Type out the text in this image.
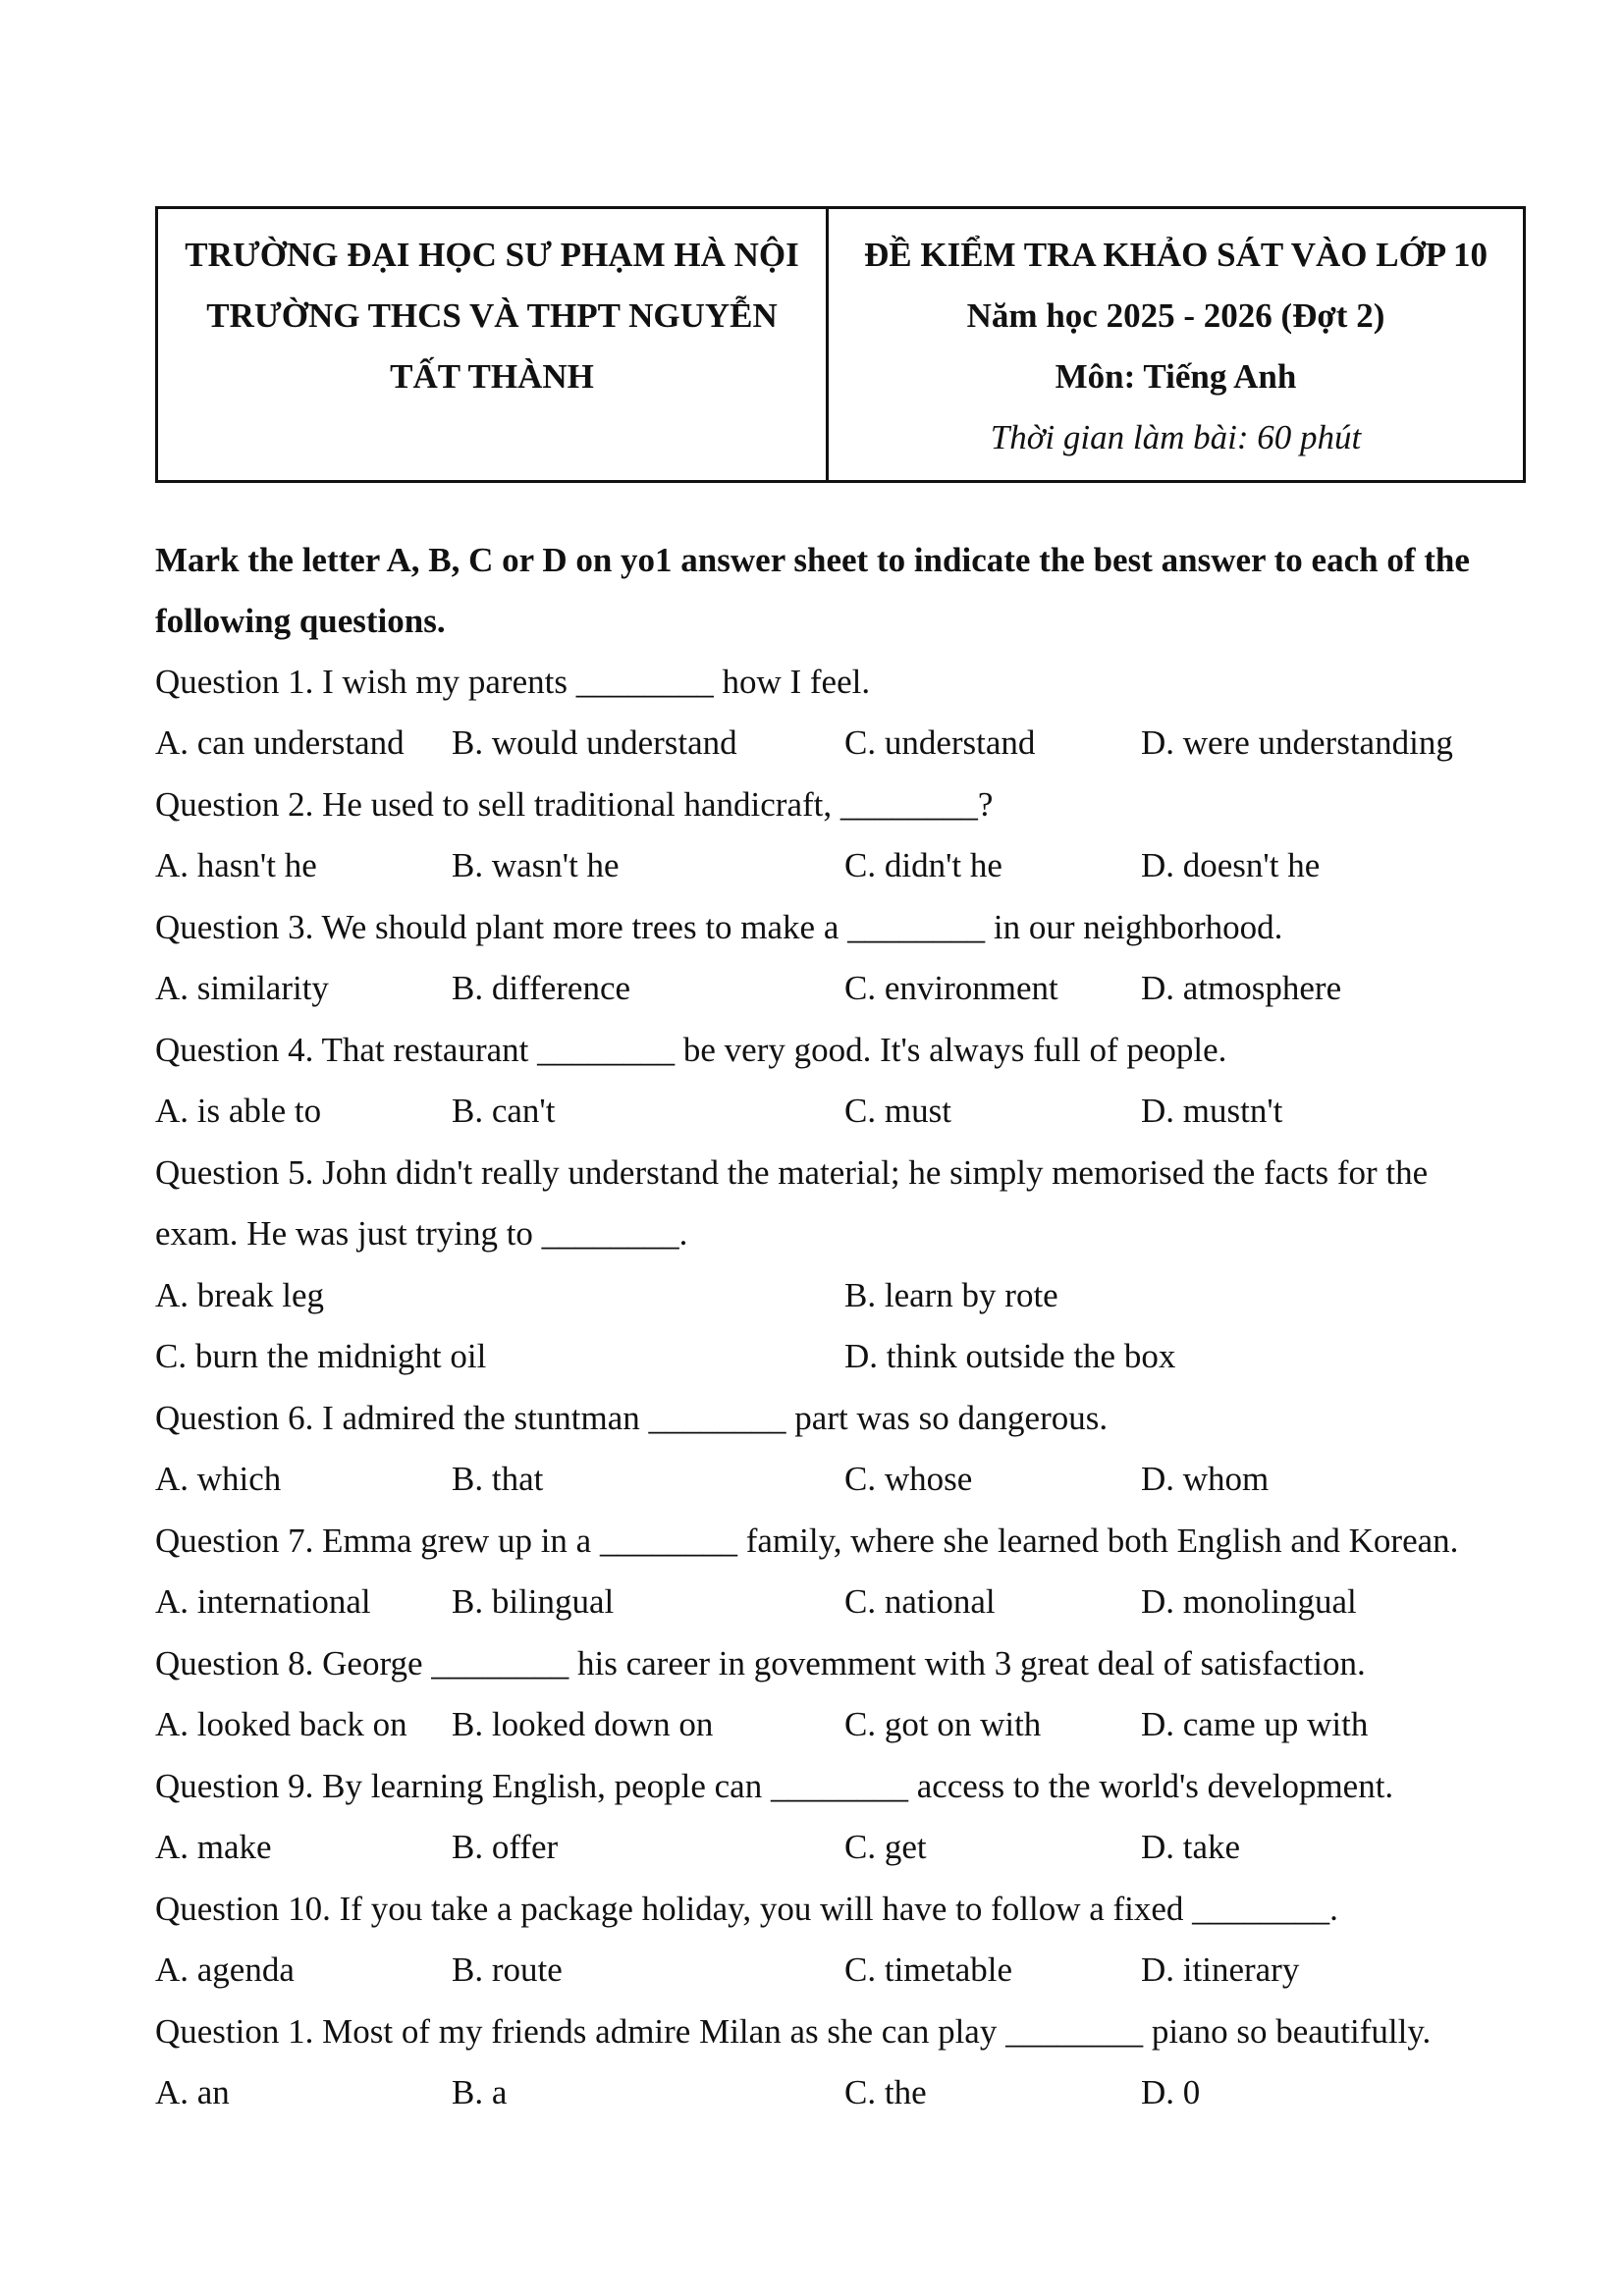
TRƯỜNG ĐẠI HỌC SƯ PHẠM HÀ NỘI
TRƯỜNG THCS VÀ THPT NGUYỄN
TẤT THÀNH
ĐỀ KIỂM TRA KHẢO SÁT VÀO LỚP 10
Năm học 2025 - 2026 (Đợt 2)
Môn: Tiếng Anh
Thời gian làm bài: 60 phút
Mark the letter A, B, C or D on yo1 answer sheet to indicate the best answer to each of the following questions.
Question 1. I wish my parents ________ how I feel.
A. can understand B. would understand	C. understand	D. were understanding
Question 2. He used to sell traditional handicraft, ________?
A. hasn't he	B. wasn't he	C. didn't he	D. doesn't he
Question 3. We should plant more trees to make a ________ in our neighborhood.
A. similarity	B. difference	C. environment D. atmosphere
Question 4. That restaurant ________ be very good. It's always full of people.
A. is able to	B. can't	C. must	D. mustn't
Question 5. John didn't really understand the material; he simply memorised the facts for the
exam. He was just trying to ________.
A. break leg	B. learn by rote
C. burn the midnight oil	D. think outside the box
Question 6. I admired the stuntman ________ part was so dangerous.
A. which	B. that	C. whose	D. whom
Question 7. Emma grew up in a ________ family, where she learned both English and Korean.
A. international B. bilingual	C. national	D. monolingual
Question 8. George ________ his career in govemment with 3 great deal of satisfaction.
A. looked back on B. looked down on	C. got on with	D. came up with
Question 9. By learning English, people can ________ access to the world's development.
A. make	B. offer	C. get	D. take
Question 10. If you take a package holiday, you will have to follow a fixed ________.
A. agenda	B. route	C. timetable	D. itinerary
Question 1. Most of my friends admire Milan as she can play ________ piano so beautifully.
A. an	B. a	C. the	D. 0
